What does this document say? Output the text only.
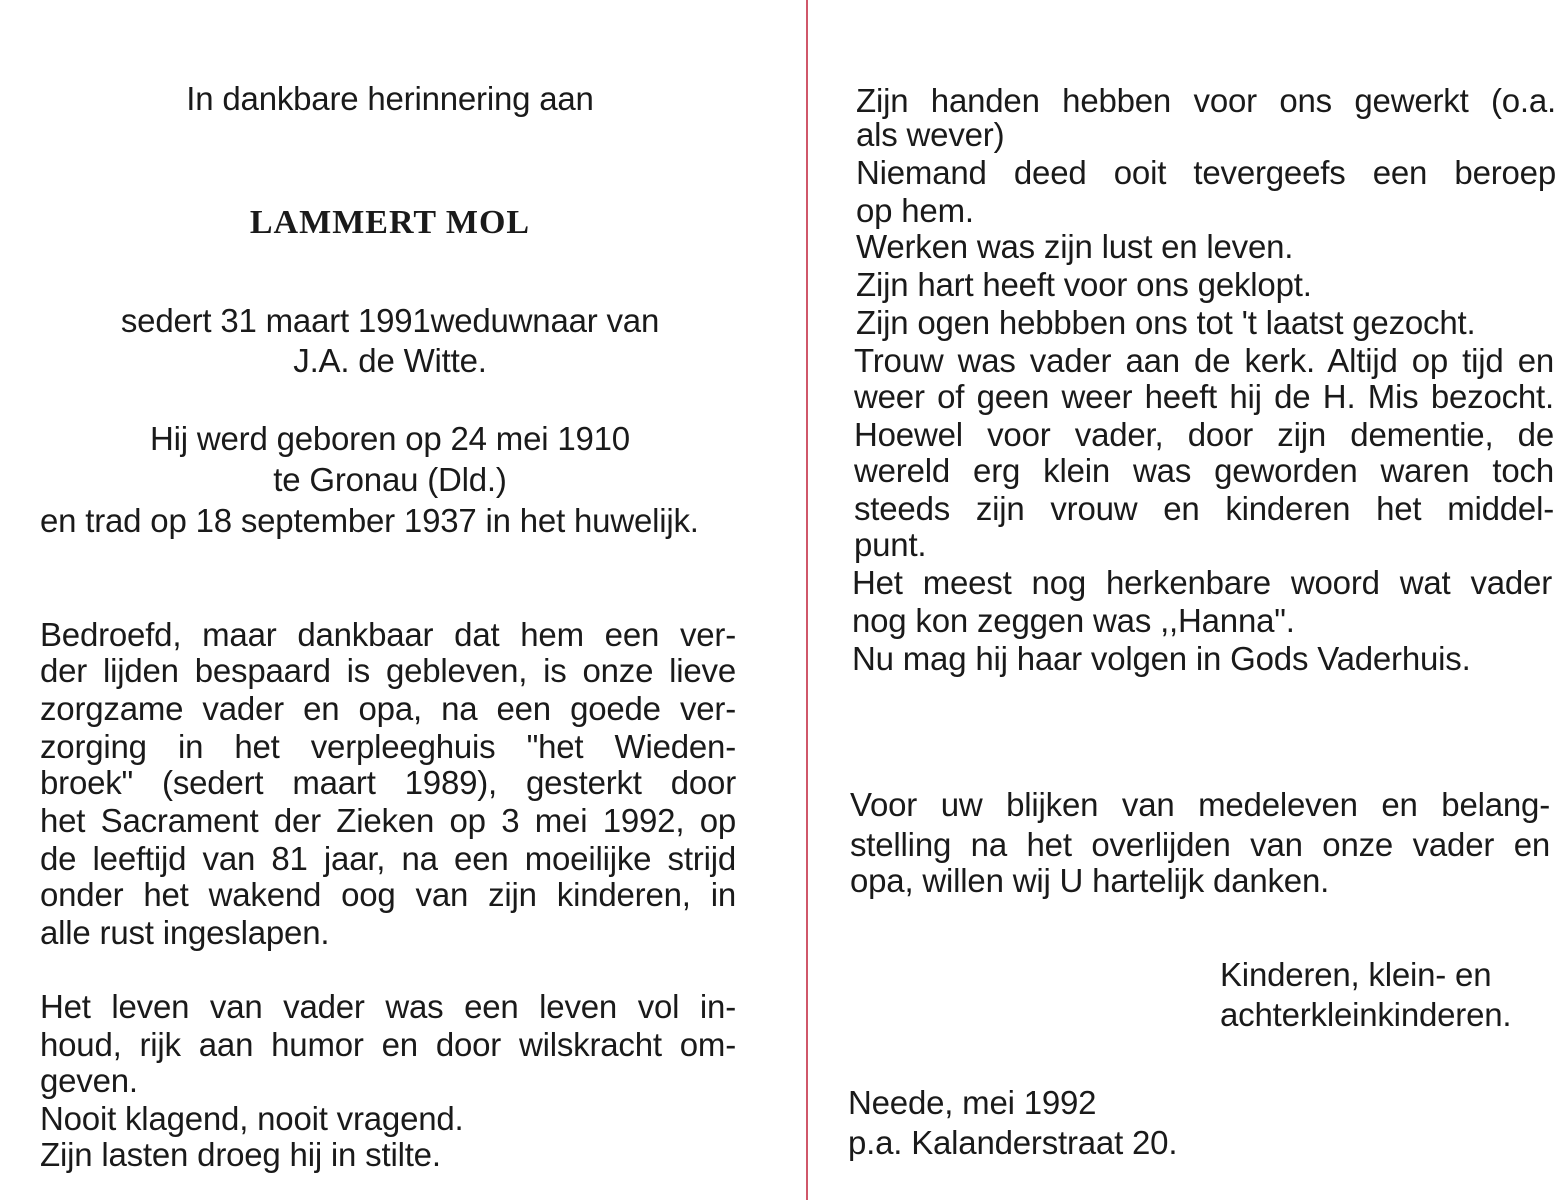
In dankbare herinnering aan
LAMMERT MOL
sedert 31 maart 1991weduwnaar van
J.A. de Witte.
Hij werd geboren op 24 mei 1910
te Gronau (Dld.)
en trad op 18 september 1937 in het huwelijk.
Bedroefd, maar dankbaar dat hem een ver-
der lijden bespaard is gebleven, is onze lieve
zorgzame vader en opa, na een goede ver-
zorging in het verpleeghuis "het Wieden-
broek" (sedert maart 1989), gesterkt door
het Sacrament der Zieken op 3 mei 1992, op
de leeftijd van 81 jaar, na een moeilijke strijd
onder het wakend oog van zijn kinderen, in
alle rust ingeslapen.
Het leven van vader was een leven vol in-
houd, rijk aan humor en door wilskracht om-
geven.
Nooit klagend, nooit vragend.
Zijn lasten droeg hij in stilte.
Zijn handen hebben voor ons gewerkt (o.a.
als wever)
Niemand deed ooit tevergeefs een beroep
op hem.
Werken was zijn lust en leven.
Zijn hart heeft voor ons geklopt.
Zijn ogen hebbben ons tot 't laatst gezocht.
Trouw was vader aan de kerk. Altijd op tijd en
weer of geen weer heeft hij de H. Mis bezocht.
Hoewel voor vader, door zijn dementie, de
wereld erg klein was geworden waren toch
steeds zijn vrouw en kinderen het middel-
punt.
Het meest nog herkenbare woord wat vader
nog kon zeggen was ,,Hanna".
Nu mag hij haar volgen in Gods Vaderhuis.
Voor uw blijken van medeleven en belang-
stelling na het overlijden van onze vader en
opa, willen wij U hartelijk danken.
Kinderen, klein- en
achterkleinkinderen.
Neede, mei 1992
p.a. Kalanderstraat 20.
